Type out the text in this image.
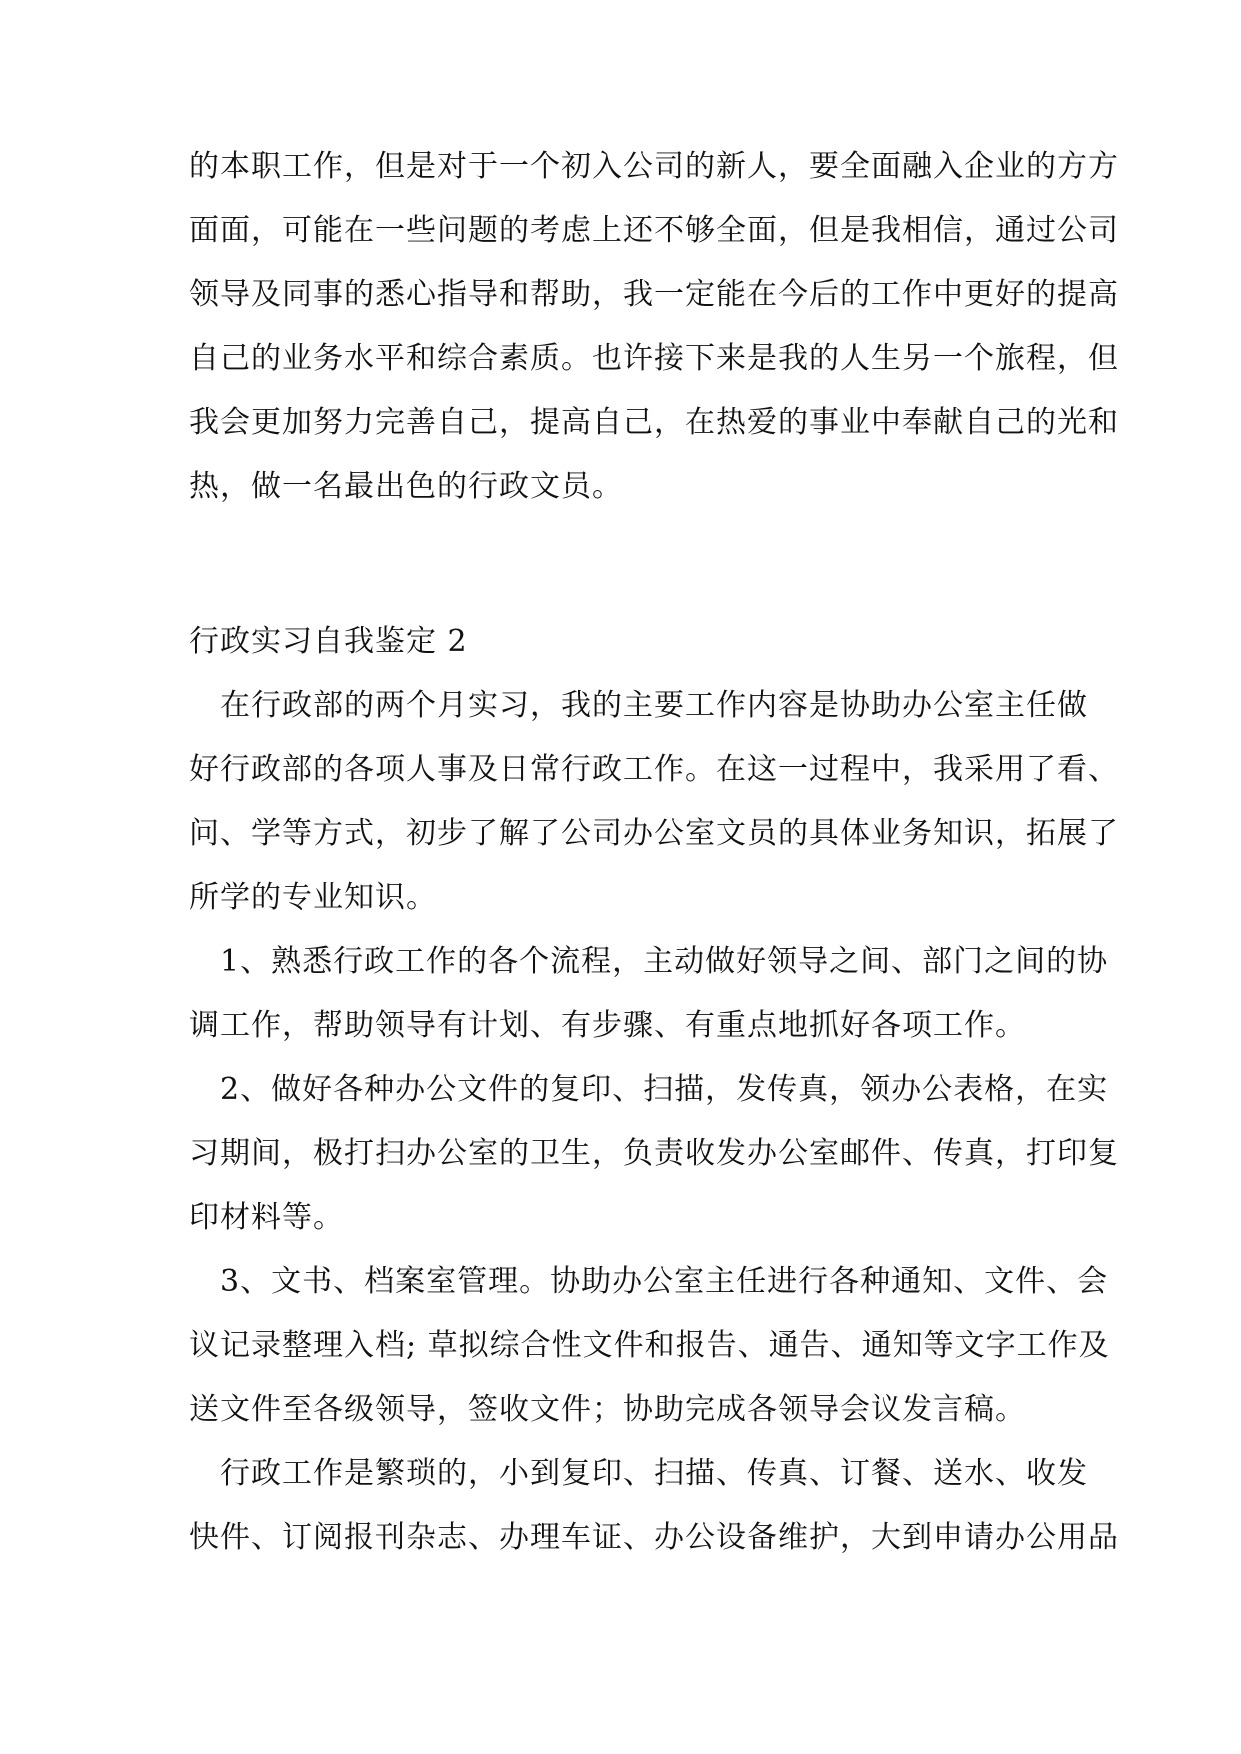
的本职工作，但是对于一个初入公司的新人，要全面融入企业的方方
面面，可能在一些问题的考虑上还不够全面，但是我相信，通过公司
领导及同事的悉心指导和帮助，我一定能在今后的工作中更好的提高
自己的业务水平和综合素质。也许接下来是我的人生另一个旅程，但
我会更加努力完善自己，提高自己，在热爱的事业中奉献自己的光和
热，做一名最出色的行政文员。
行政实习自我鉴定 2
　在行政部的两个月实习，我的主要工作内容是协助办公室主任做
好行政部的各项人事及日常行政工作。在这一过程中，我采用了看、
问、学等方式，初步了解了公司办公室文员的具体业务知识，拓展了
所学的专业知识。
　1、熟悉行政工作的各个流程，主动做好领导之间、部门之间的协
调工作，帮助领导有计划、有步骤、有重点地抓好各项工作。
　2、做好各种办公文件的复印、扫描，发传真，领办公表格，在实
习期间，极打扫办公室的卫生，负责收发办公室邮件、传真，打印复
印材料等。
　3、文书、档案室管理。协助办公室主任进行各种通知、文件、会
议记录整理入档; 草拟综合性文件和报告、通告、通知等文字工作及
送文件至各级领导，签收文件；协助完成各领导会议发言稿。
　行政工作是繁琐的，小到复印、扫描、传真、订餐、送水、收发
快件、订阅报刊杂志、办理车证、办公设备维护，大到申请办公用品
